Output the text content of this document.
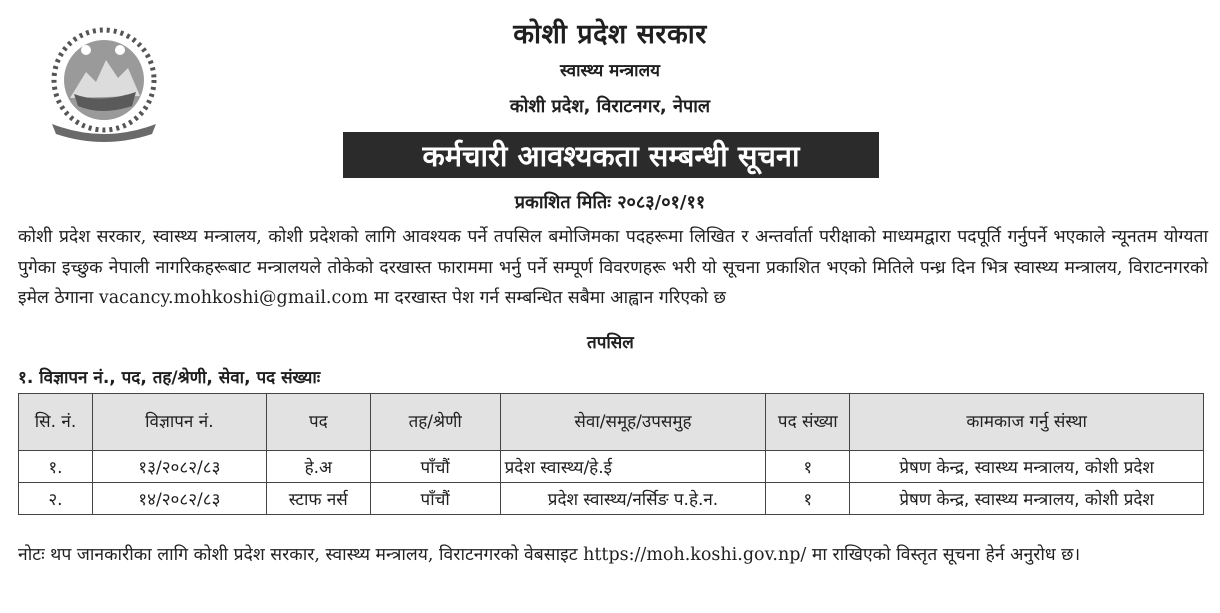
कोशी प्रदेश सरकार
स्वास्थ्य मन्त्रालय
कोशी प्रदेश, विराटनगर, नेपाल
कर्मचारी आवश्यकता सम्बन्धी सूचना
प्रकाशित मितिः २०८३/०१/११
कोशी प्रदेश सरकार, स्वास्थ्य मन्त्रालय, कोशी प्रदेशको लागि आवश्यक पर्ने तपसिल बमोजिमका पदहरूमा लिखित र अन्तर्वार्ता परीक्षाको माध्यमद्वारा पदपूर्ति गर्नुपर्ने भएकाले न्यूनतम योग्यता पुगेका इच्छुक नेपाली नागरिकहरूबाट मन्त्रालयले तोकेको दरखास्त फाराममा भर्नु पर्ने सम्पूर्ण विवरणहरू भरी यो सूचना प्रकाशित भएको मितिले पन्ध्र दिन भित्र स्वास्थ्य मन्त्रालय, विराटनगरको इमेल ठेगाना vacancy.mohkoshi@gmail.com मा दरखास्त पेश गर्न सम्बन्धित सबैमा आह्वान गरिएको छ
तपसिल
१. विज्ञापन नं., पद, तह/श्रेणी, सेवा, पद संख्याः
सि. नं.	विज्ञापन नं.	पद	तह/श्रेणी	सेवा/समूह/उपसमुह	पद संख्या	कामकाज गर्नु संस्था
१.	१३/२०८२/८३	हे.अ	पाँचौं	प्रदेश स्वास्थ्य/हे.ई	१	प्रेषण केन्द्र, स्वास्थ्य मन्त्रालय, कोशी प्रदेश
२.	१४/२०८२/८३	स्टाफ नर्स	पाँचौं	प्रदेश स्वास्थ्य/नर्सिङ प.हे.न.	१	प्रेषण केन्द्र, स्वास्थ्य मन्त्रालय, कोशी प्रदेश
नोटः थप जानकारीका लागि कोशी प्रदेश सरकार, स्वास्थ्य मन्त्रालय, विराटनगरको वेबसाइट https://moh.koshi.gov.np/ मा राखिएको विस्तृत सूचना हेर्न अनुरोध छ।
